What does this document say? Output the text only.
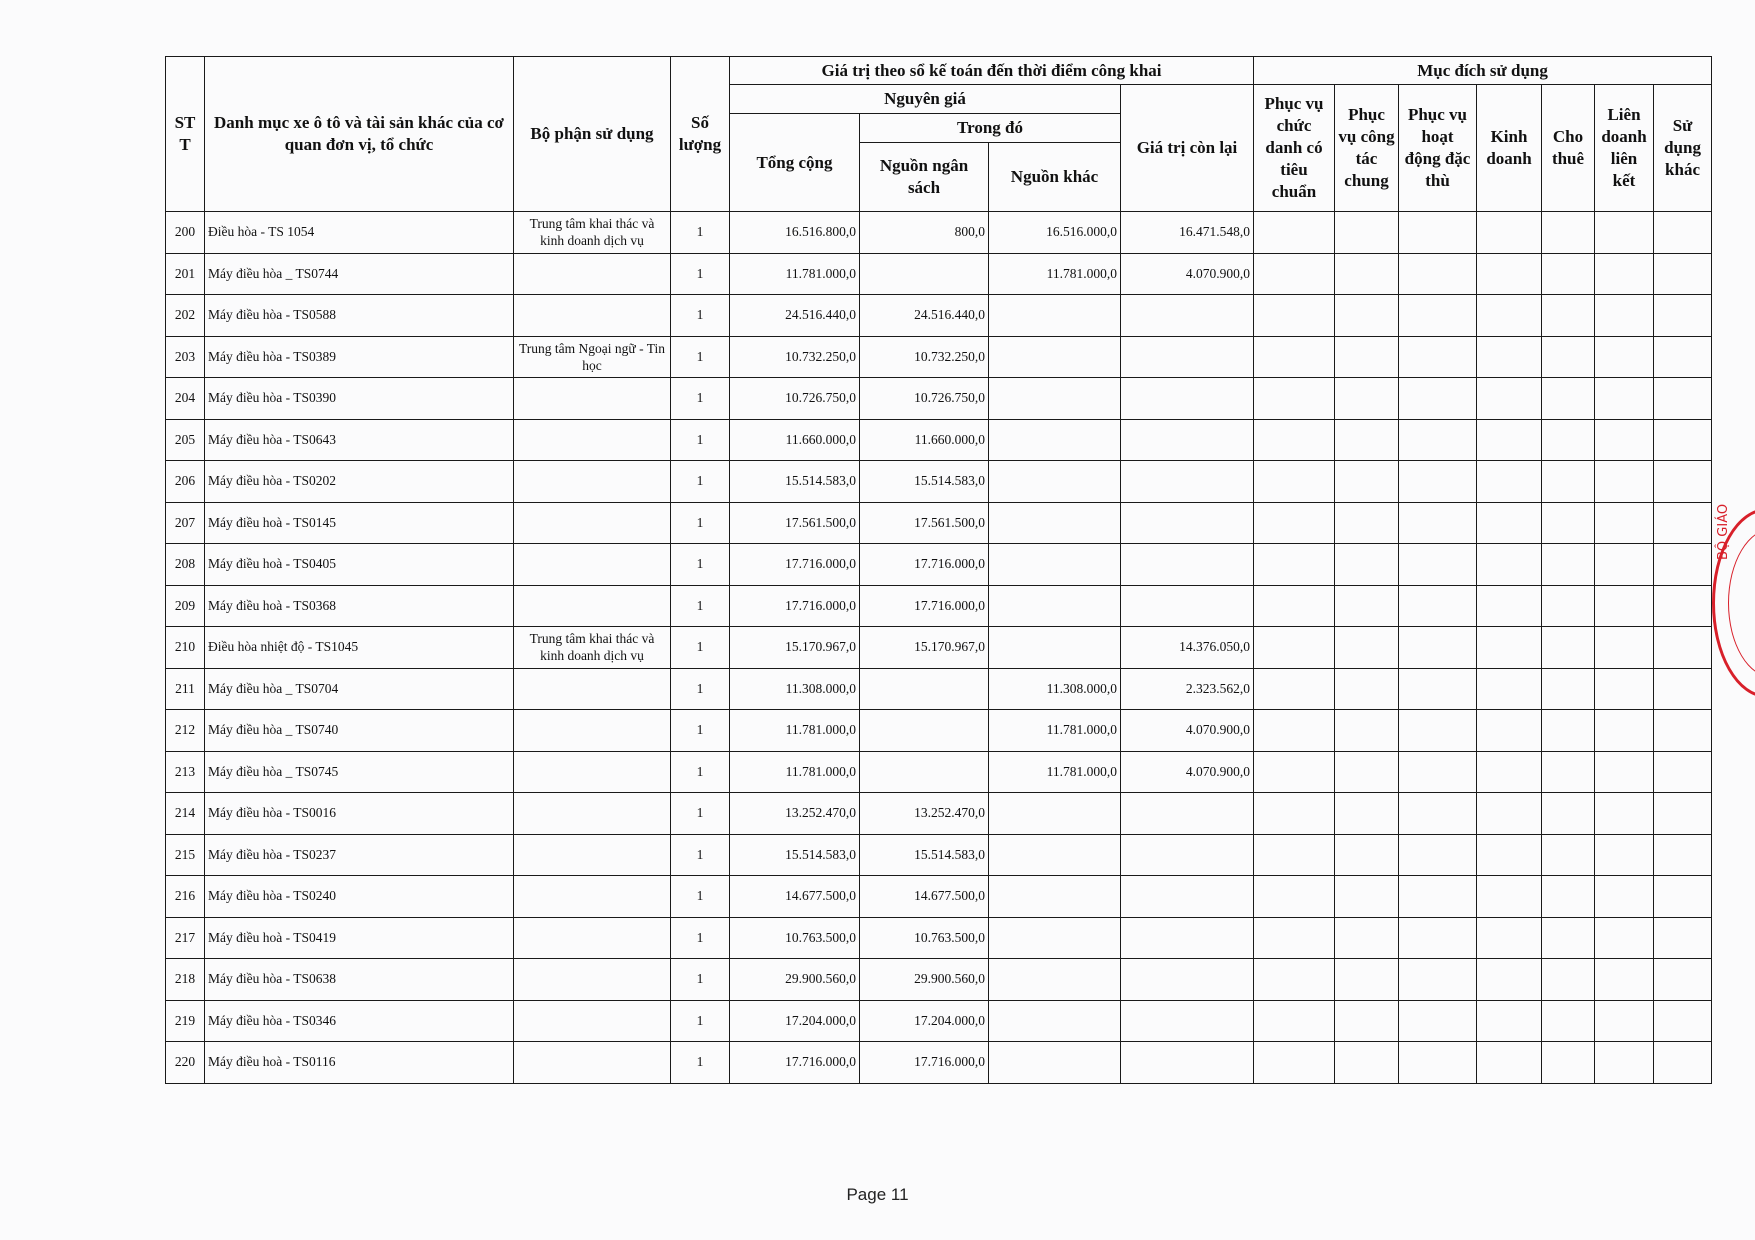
ST T	Danh mục xe ô tô và tài sản khác của cơ quan đơn vị, tổ chức	Bộ phận sử dụng	Số lượng	Giá trị theo sổ kế toán đến thời điểm công khai				Mục đích sử dụng						
				Nguyên giá			Giá trị còn lại	Phục vụ chức danh có tiêu chuẩn	Phục vụ công tác chung	Phục vụ hoạt động đặc thù	Kinh doanh	Cho thuê	Liên doanh liên kết	Sử dụng khác
				Tổng cộng	Trong đó									
					Nguồn ngân sách	Nguồn khác								
200	Điều hòa - TS 1054	Trung tâm khai thác và kinh doanh dịch vụ	1	16.516.800,0	800,0	16.516.000,0	16.471.548,0							
201	Máy điều hòa _ TS0744		1	11.781.000,0		11.781.000,0	4.070.900,0							
202	Máy điều hòa - TS0588		1	24.516.440,0	24.516.440,0									
203	Máy điều hòa - TS0389	Trung tâm Ngoại ngữ - Tin học	1	10.732.250,0	10.732.250,0									
204	Máy điều hòa - TS0390		1	10.726.750,0	10.726.750,0									
205	Máy điều hòa - TS0643		1	11.660.000,0	11.660.000,0									
206	Máy điều hòa - TS0202		1	15.514.583,0	15.514.583,0									
207	Máy điều hoà - TS0145		1	17.561.500,0	17.561.500,0									
208	Máy điều hoà - TS0405		1	17.716.000,0	17.716.000,0									
209	Máy điều hoà - TS0368		1	17.716.000,0	17.716.000,0									
210	Điều hòa nhiệt độ - TS1045	Trung tâm khai thác và kinh doanh dịch vụ	1	15.170.967,0	15.170.967,0		14.376.050,0							
211	Máy điều hòa _ TS0704		1	11.308.000,0		11.308.000,0	2.323.562,0							
212	Máy điều hòa _ TS0740		1	11.781.000,0		11.781.000,0	4.070.900,0							
213	Máy điều hòa _ TS0745		1	11.781.000,0		11.781.000,0	4.070.900,0							
214	Máy điều hòa - TS0016		1	13.252.470,0	13.252.470,0									
215	Máy điều hòa - TS0237		1	15.514.583,0	15.514.583,0									
216	Máy điều hòa - TS0240		1	14.677.500,0	14.677.500,0									
217	Máy điều hoà - TS0419		1	10.763.500,0	10.763.500,0									
218	Máy điều hòa - TS0638		1	29.900.560,0	29.900.560,0									
219	Máy điều hòa - TS0346		1	17.204.000,0	17.204.000,0									
220	Máy điều hoà - TS0116		1	17.716.000,0	17.716.000,0									
Page 11
BỘ GIÁO
